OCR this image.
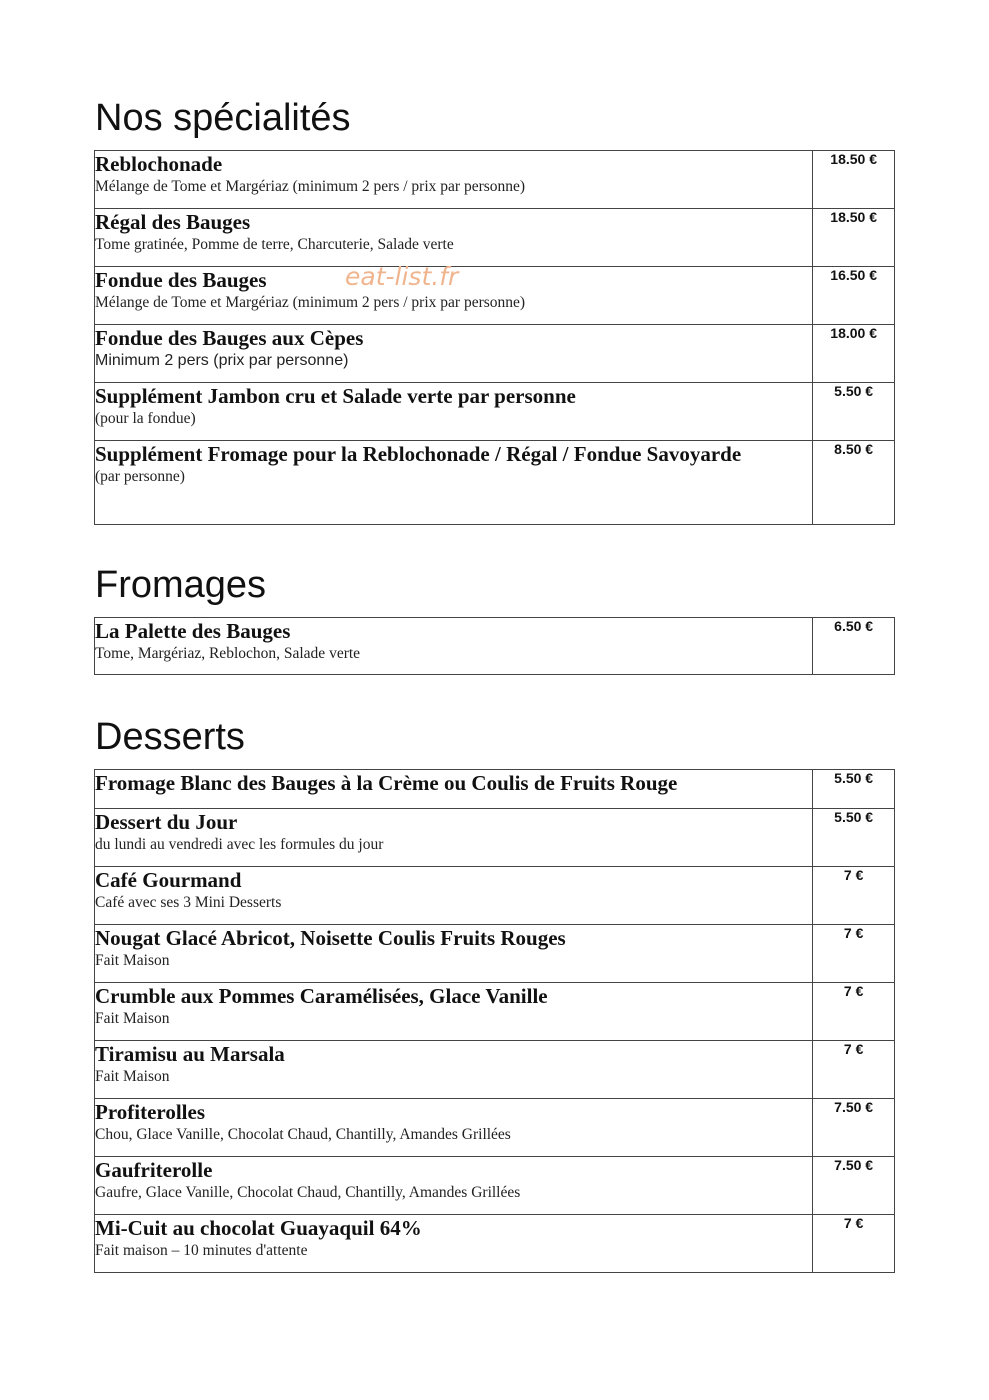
Nos spécialités
Reblochonade
Mélange de Tome et Margériaz (minimum 2 pers / prix par personne)	18.50 €

Régal des Bauges
Tome gratinée, Pomme de terre, Charcuterie, Salade verte	18.50 €

Fondue des Bauges
Mélange de Tome et Margériaz (minimum 2 pers / prix par personne)	16.50 €

Fondue des Bauges aux Cèpes
Minimum 2 pers (prix par personne)	18.00 €

Supplément Jambon cru et Salade verte par personne
(pour la fondue)	5.50 €

Supplément Fromage pour la Reblochonade / Régal / Fondue Savoyarde
(par personne)	8.50 €
eat-list.fr
Fromages
La Palette des Bauges
Tome, Margériaz, Reblochon, Salade verte
	6.50 €
Desserts
Fromage Blanc des Bauges à la Crème ou Coulis de Fruits Rouge	5.50 €

Dessert du Jour
du lundi au vendredi avec les formules du jour	5.50 €

Café Gourmand
Café avec ses 3 Mini Desserts	7 €

Nougat Glacé Abricot, Noisette Coulis Fruits Rouges
Fait Maison	7 €

Crumble aux Pommes Caramélisées, Glace Vanille
Fait Maison	7 €

Tiramisu au Marsala
Fait Maison	7 €

Profiterolles
Chou, Glace Vanille, Chocolat Chaud, Chantilly, Amandes Grillées	7.50 €

Gaufriterolle
Gaufre, Glace Vanille, Chocolat Chaud, Chantilly, Amandes Grillées	7.50 €

Mi-Cuit au chocolat Guayaquil 64%
Fait maison – 10 minutes d'attente	7 €
